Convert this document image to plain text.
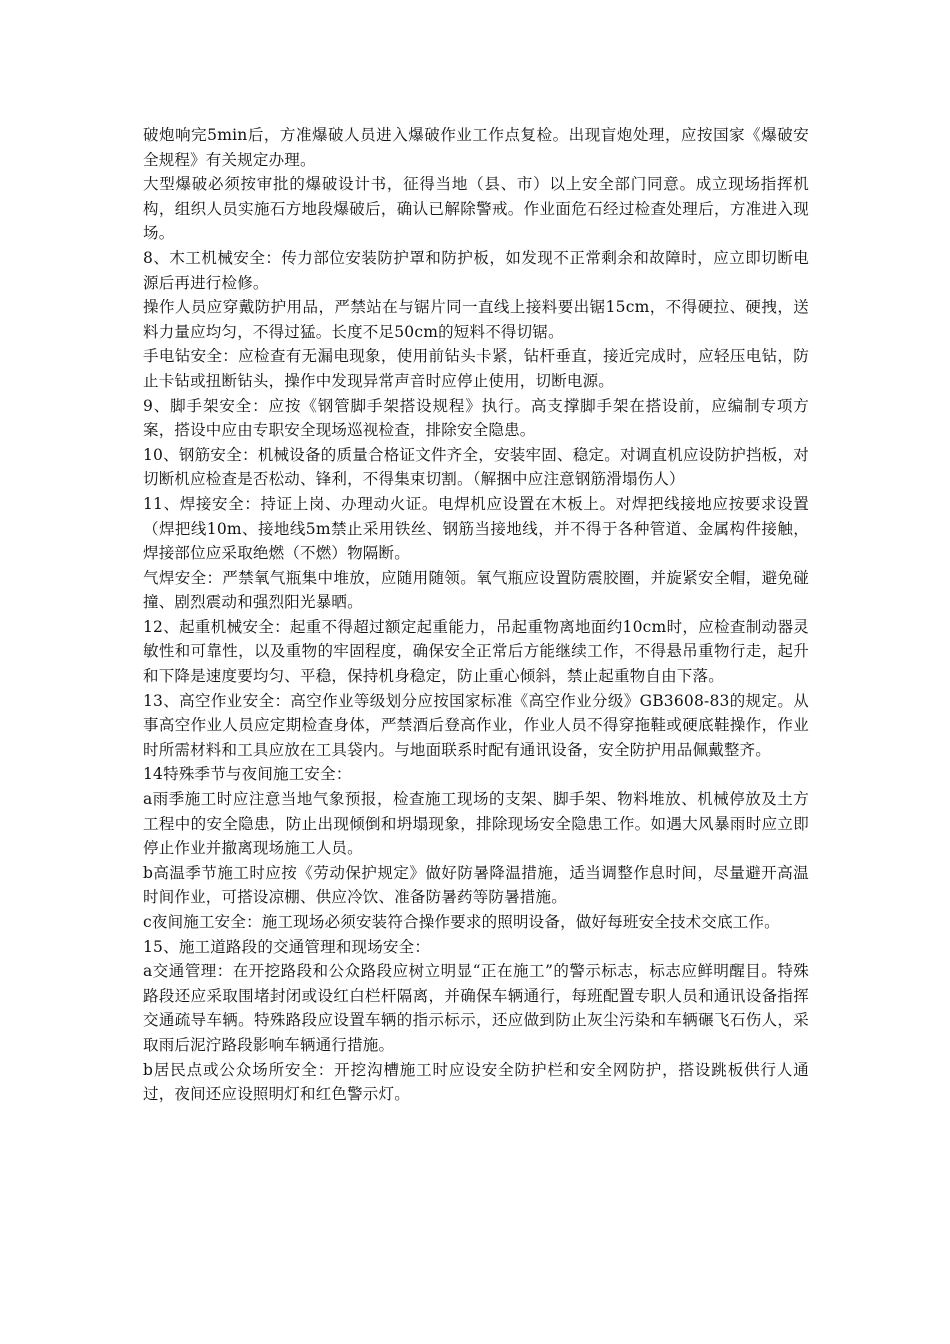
破炮响完5min后，方准爆破人员进入爆破作业工作点复检。出现盲炮处理，应按国家《爆破安全规程》有关规定办理。

大型爆破必须按审批的爆破设计书，征得当地（县、市）以上安全部门同意。成立现场指挥机构，组织人员实施石方地段爆破后，确认已解除警戒。作业面危石经过检查处理后，方准进入现场。

8、木工机械安全：传力部位安装防护罩和防护板，如发现不正常剩余和故障时，应立即切断电源后再进行检修。

操作人员应穿戴防护用品，严禁站在与锯片同一直线上接料要出锯15cm，不得硬拉、硬拽，送料力量应均匀，不得过猛。长度不足50cm的短料不得切锯。

手电钻安全：应检查有无漏电现象，使用前钻头卡紧，钻杆垂直，接近完成时，应轻压电钻，防止卡钻或扭断钻头，操作中发现异常声音时应停止使用，切断电源。

9、脚手架安全：应按《钢管脚手架搭设规程》执行。高支撑脚手架在搭设前，应编制专项方案，搭设中应由专职安全现场巡视检查，排除安全隐患。

10、钢筋安全：机械设备的质量合格证文件齐全，安装牢固、稳定。对调直机应设防护挡板，对切断机应检查是否松动、锋利，不得集束切割。（解捆中应注意钢筋滑塌伤人）

11、焊接安全：持证上岗、办理动火证。电焊机应设置在木板上。对焊把线接地应按要求设置（焊把线10m、接地线5m禁止采用铁丝、钢筋当接地线，并不得于各种管道、金属构件接触，焊接部位应采取绝燃（不燃）物隔断。

气焊安全：严禁氧气瓶集中堆放，应随用随领。氧气瓶应设置防震胶圈，并旋紧安全帽，避免碰撞、剧烈震动和强烈阳光暴晒。

12、起重机械安全：起重不得超过额定起重能力，吊起重物离地面约10cm时，应检查制动器灵敏性和可靠性，以及重物的牢固程度，确保安全正常后方能继续工作，不得悬吊重物行走，起升和下降是速度要均匀、平稳，保持机身稳定，防止重心倾斜，禁止起重物自由下落。

13、高空作业安全：高空作业等级划分应按国家标准《高空作业分级》GB3608-83的规定。从事高空作业人员应定期检查身体，严禁酒后登高作业，作业人员不得穿拖鞋或硬底鞋操作，作业时所需材料和工具应放在工具袋内。与地面联系时配有通讯设备，安全防护用品佩戴整齐。

14特殊季节与夜间施工安全：

a雨季施工时应注意当地气象预报，检查施工现场的支架、脚手架、物料堆放、机械停放及土方工程中的安全隐患，防止出现倾倒和坍塌现象，排除现场安全隐患工作。如遇大风暴雨时应立即停止作业并撤离现场施工人员。

b高温季节施工时应按《劳动保护规定》做好防暑降温措施，适当调整作息时间，尽量避开高温时间作业，可搭设凉棚、供应冷饮、准备防暑药等防暑措施。

c夜间施工安全：施工现场必须安装符合操作要求的照明设备，做好每班安全技术交底工作。

15、施工道路段的交通管理和现场安全：

a交通管理：在开挖路段和公众路段应树立明显“正在施工”的警示标志，标志应鲜明醒目。特殊路段还应采取围堵封闭或设红白栏杆隔离，并确保车辆通行，每班配置专职人员和通讯设备指挥交通疏导车辆。特殊路段应设置车辆的指示标示，还应做到防止灰尘污染和车辆碾飞石伤人，采取雨后泥泞路段影响车辆通行措施。

b居民点或公众场所安全：开挖沟槽施工时应设安全防护栏和安全网防护，搭设跳板供行人通过，夜间还应设照明灯和红色警示灯。
